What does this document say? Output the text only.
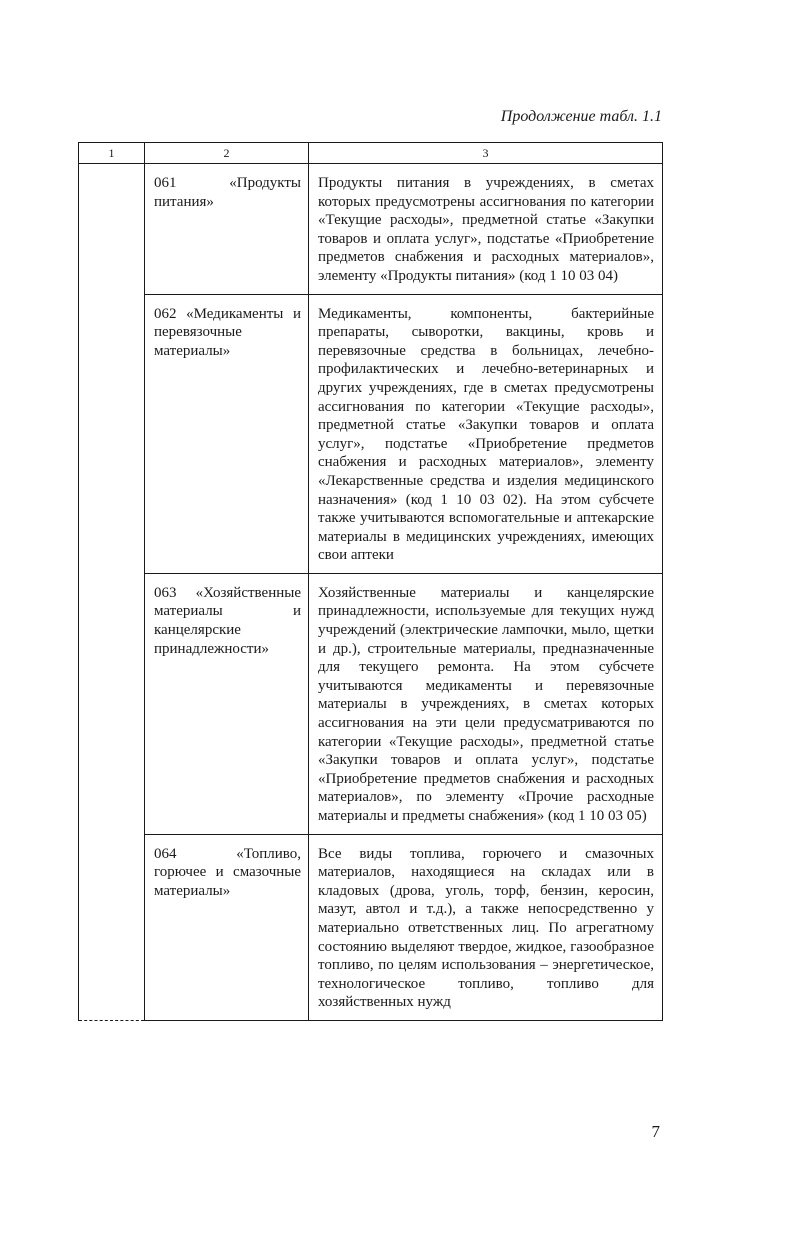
Продолжение табл. 1.1
1	2	3
	061 «Продукты питания»	Продукты питания в учреждениях, в сметах которых предусмотрены ассигнования по категории «Текущие расходы», предметной статье «Закупки товаров и оплата услуг», подстатье «Приобретение предметов снабжения и расходных материалов», элементу «Продукты питания» (код 1 10 03 04)
	062 «Медикаменты и перевязочные материалы»	Медикаменты, компоненты, бактерийные препараты, сыворотки, вакцины, кровь и перевязочные средства в больницах, лечебно-профилактических и лечебно-ветеринарных и других учреждениях, где в сметах предусмотрены ассигнования по категории «Текущие расходы», предметной статье «Закупки товаров и оплата услуг», подстатье «Приобретение предметов снабжения и расходных материалов», элементу «Лекарственные средства и изделия медицинского назначения» (код 1 10 03 02). На этом субсчете также учитываются вспомогательные и аптекарские материалы в медицинских учреждениях, имеющих свои аптеки
	063 «Хозяйственные материалы и канцелярские принадлежности»	Хозяйственные материалы и канцелярские принадлежности, используемые для текущих нужд учреждений (электрические лампочки, мыло, щетки и др.), строительные материалы, предназначенные для текущего ремонта. На этом субсчете учитываются медикаменты и перевязочные материалы в учреждениях, в сметах которых ассигнования на эти цели предусматриваются по категории «Текущие расходы», предметной статье «Закупки товаров и оплата услуг», подстатье «Приобретение предметов снабжения и расходных материалов», по элементу «Прочие расходные материалы и предметы снабжения» (код 1 10 03 05)
	064 «Топливо, горючее и смазочные материалы»	Все виды топлива, горючего и смазочных материалов, находящиеся на складах или в кладовых (дрова, уголь, торф, бензин, керосин, мазут, автол и т.д.), а также непосредственно у материально ответственных лиц. По агрегатному состоянию выделяют твердое, жидкое, газообразное топливо, по целям использования – энергетическое, технологическое топливо, топливо для хозяйственных нужд
7
